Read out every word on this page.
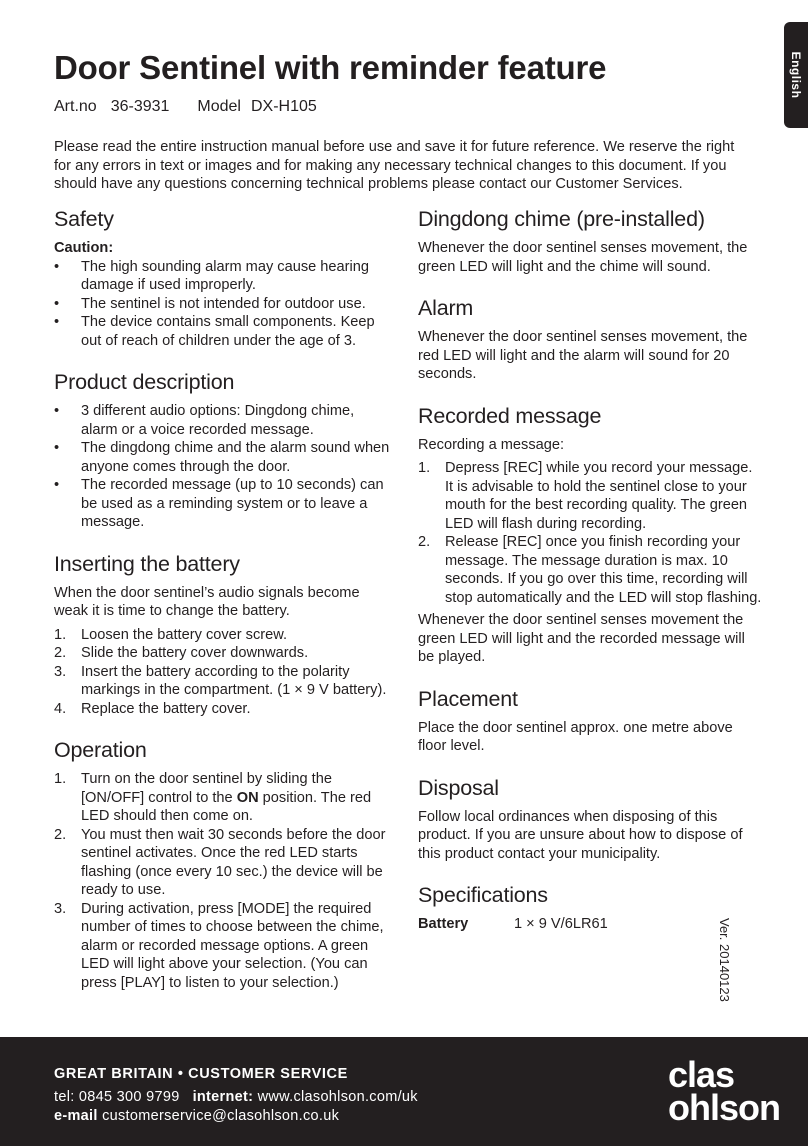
English
Door Sentinel with reminder feature
Art.no 36-3931 Model DX-H105

Please read the entire instruction manual before use and save it for future reference. We reserve the right for any errors in text or images and for making any necessary technical changes to this document. If you should have any questions concerning technical problems please contact our Customer Services.

Safety
Caution:
• The high sounding alarm may cause hearing damage if used improperly.
• The sentinel is not intended for outdoor use.
• The device contains small components. Keep out of reach of children under the age of 3.
Product description
• 3 different audio options: Dingdong chime, alarm or a voice recorded message.
• The dingdong chime and the alarm sound when anyone comes through the door.
• The recorded message (up to 10 seconds) can be used as a reminding system or to leave a message.
Inserting the battery

When the door sentinel’s audio signals become weak it is time to change the battery.

1. Loosen the battery cover screw.
2. Slide the battery cover downwards.
3. Insert the battery according to the polarity markings in the compartment. (1 × 9 V battery).
4. Replace the battery cover.
Operation
1. Turn on the door sentinel by sliding the [ON/OFF] control to the ON position. The red LED should then come on.
2. You must then wait 30 seconds before the door sentinel activates. Once the red LED starts flashing (once every 10 sec.) the device will be ready to use.
3. During activation, press [MODE] the required number of times to choose between the chime, alarm or recorded message options. A green LED will light above your selection. (You can press [PLAY] to listen to your selection.)
Dingdong chime (pre-installed)

Whenever the door sentinel senses movement, the green LED will light and the chime will sound.

Alarm

Whenever the door sentinel senses movement, the red LED will light and the alarm will sound for 20 seconds.

Recorded message

Recording a message:

1. Depress [REC] while you record your message. It is advisable to hold the sentinel close to your mouth for the best recording quality. The green LED will flash during recording.
2. Release [REC] once you finish recording your message. The message duration is max. 10 seconds. If you go over this time, recording will stop automatically and the LED will stop flashing.

Whenever the door sentinel senses movement the green LED will light and the recorded message will be played.

Placement

Place the door sentinel approx. one metre above floor level.

Disposal

Follow local ordinances when disposing of this product. If you are unsure about how to dispose of this product contact your municipality.

Specifications
Battery	1 × 9 V/6LR61	Ver. 20140123
GREAT BRITAIN • CUSTOMER SERVICE
tel: 0845 300 9799 internet: www.clasohlson.com/uk
e-mail customerservice@clasohlson.co.uk
clas
ohlson
